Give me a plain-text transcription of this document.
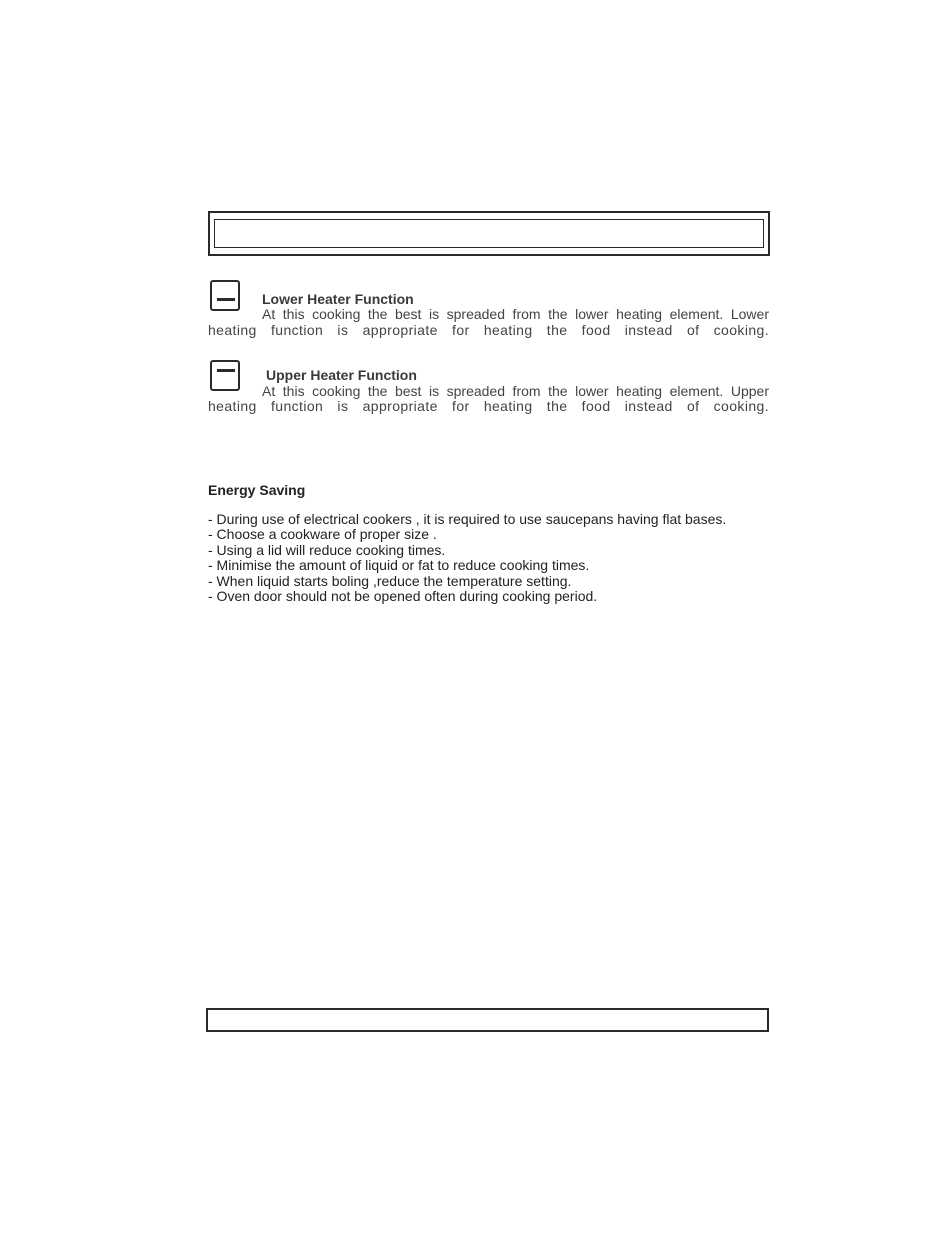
Lower Heater Function
At this cooking the best is spreaded from the lower heating element. Lower
heating function is appropriate for heating the food instead of cooking.
Upper Heater Function
At this cooking the best is spreaded from the lower heating element. Upper
heating function is appropriate for heating the food instead of cooking.
Energy Saving
- During use of electrical cookers , it is required to use saucepans having flat bases.
- Choose a cookware of proper size .
- Using a lid will reduce cooking times.
- Minimise the amount of liquid or fat to reduce cooking times.
- When liquid starts boling ,reduce the temperature setting.
- Oven door should not be opened often during cooking period.
